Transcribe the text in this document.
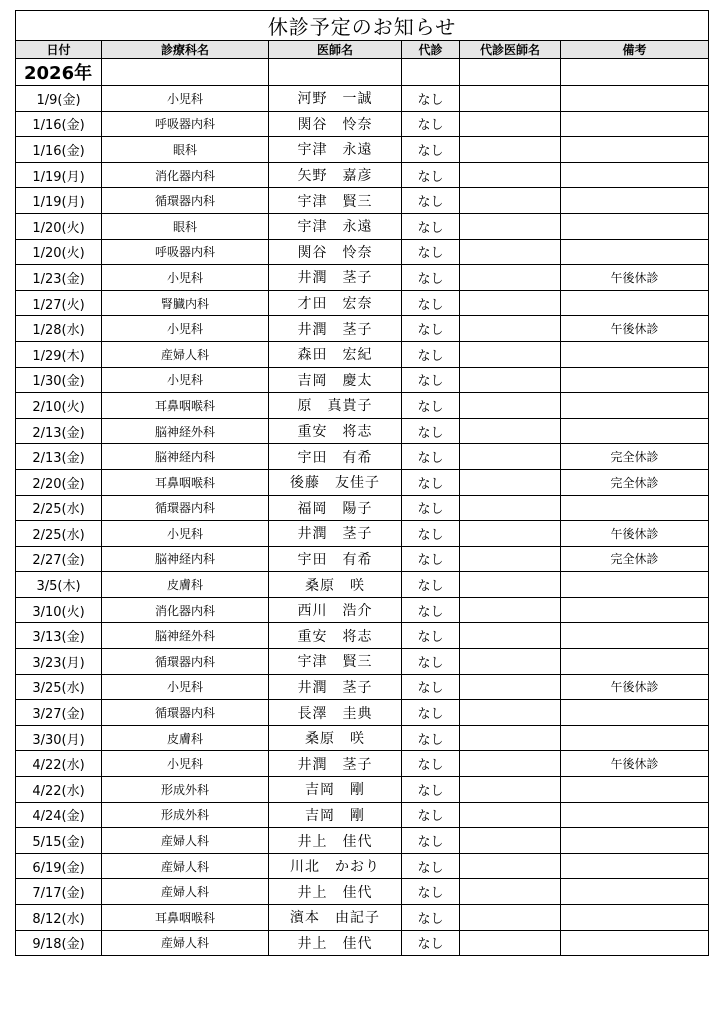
休診予定のお知らせ					
日付	診療科名	医師名	代診	代診医師名	備考
2026年					
1/9(金)	小児科	河野　一誠	なし		
1/16(金)	呼吸器内科	関谷　怜奈	なし		
1/16(金)	眼科	宇津　永遠	なし		
1/19(月)	消化器内科	矢野　嘉彦	なし		
1/19(月)	循環器内科	宇津　賢三	なし		
1/20(火)	眼科	宇津　永遠	なし		
1/20(火)	呼吸器内科	関谷　怜奈	なし		
1/23(金)	小児科	井潤　茎子	なし		午後休診
1/27(火)	腎臓内科	才田　宏奈	なし		
1/28(水)	小児科	井潤　茎子	なし		午後休診
1/29(木)	産婦人科	森田　宏紀	なし		
1/30(金)	小児科	吉岡　慶太	なし		
2/10(火)	耳鼻咽喉科	原　真貴子	なし		
2/13(金)	脳神経外科	重安　将志	なし		
2/13(金)	脳神経内科	宇田　有希	なし		完全休診
2/20(金)	耳鼻咽喉科	後藤　友佳子	なし		完全休診
2/25(水)	循環器内科	福岡　陽子	なし		
2/25(水)	小児科	井潤　茎子	なし		午後休診
2/27(金)	脳神経内科	宇田　有希	なし		完全休診
3/5(木)	皮膚科	桑原　咲	なし		
3/10(火)	消化器内科	西川　浩介	なし		
3/13(金)	脳神経外科	重安　将志	なし		
3/23(月)	循環器内科	宇津　賢三	なし		
3/25(水)	小児科	井潤　茎子	なし		午後休診
3/27(金)	循環器内科	長澤　圭典	なし		
3/30(月)	皮膚科	桑原　咲	なし		
4/22(水)	小児科	井潤　茎子	なし		午後休診
4/22(水)	形成外科	吉岡　剛	なし		
4/24(金)	形成外科	吉岡　剛	なし		
5/15(金)	産婦人科	井上　佳代	なし		
6/19(金)	産婦人科	川北　かおり	なし		
7/17(金)	産婦人科	井上　佳代	なし		
8/12(水)	耳鼻咽喉科	濱本　由記子	なし		
9/18(金)	産婦人科	井上　佳代	なし		
